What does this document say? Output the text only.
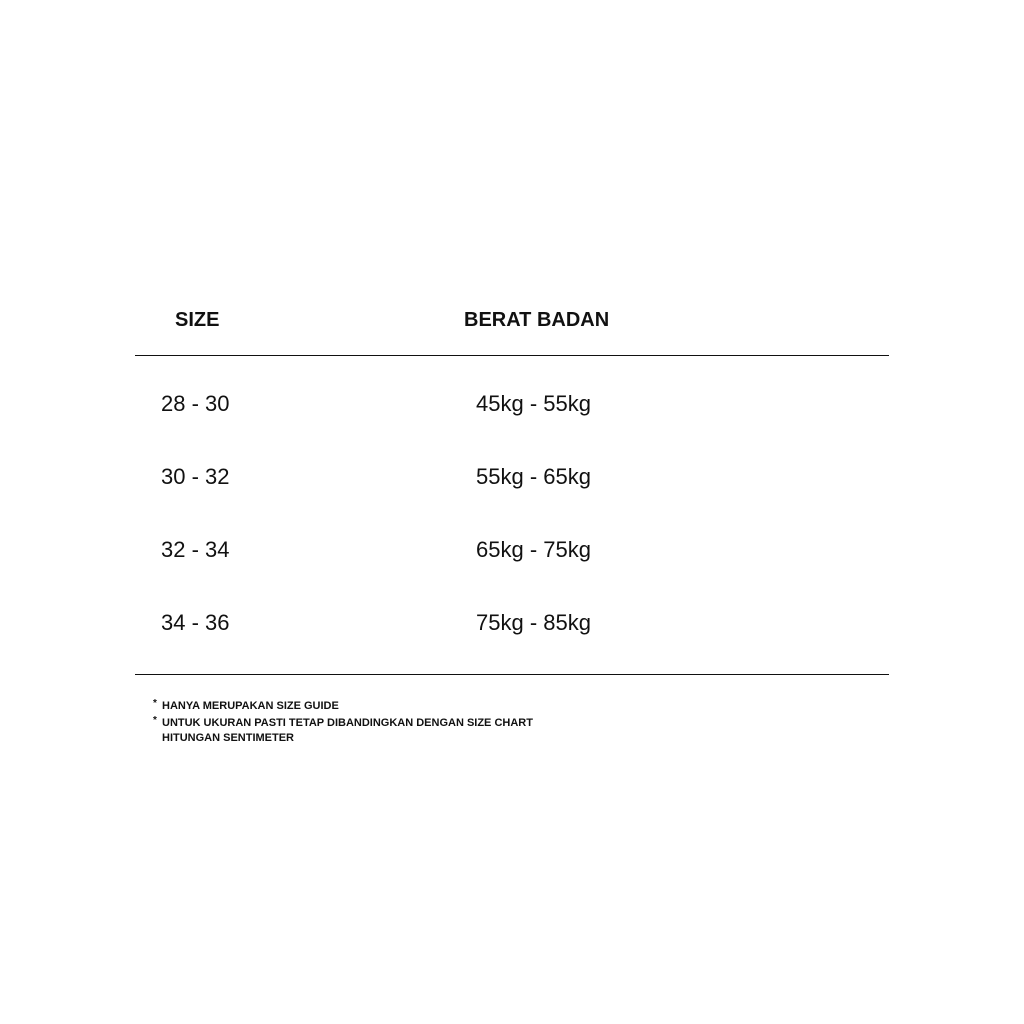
SIZE	BERAT BADAN
28 - 30	45kg - 55kg
30 - 32	55kg - 65kg
32 - 34	65kg - 75kg
34 - 36	75kg - 85kg
* HANYA MERUPAKAN SIZE GUIDE
* UNTUK UKURAN PASTI TETAP DIBANDINGKAN DENGAN SIZE CHART
HITUNGAN SENTIMETER
